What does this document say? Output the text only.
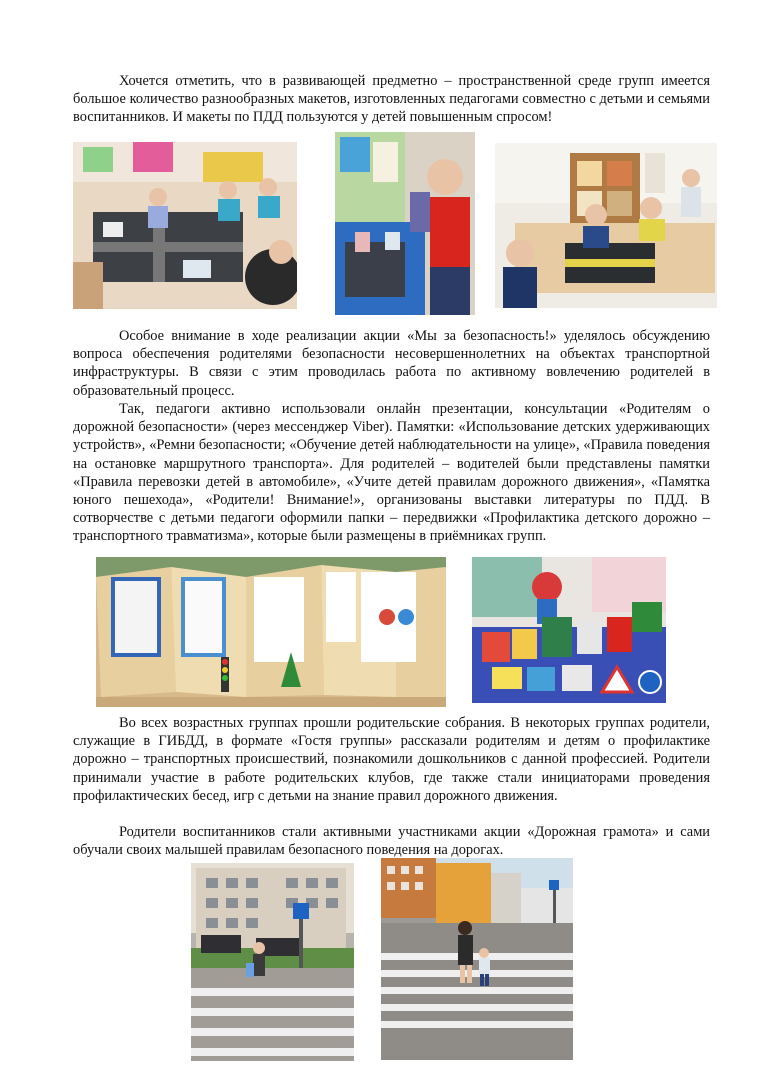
Хочется отметить, что в развивающей предметно – пространственной среде групп имеется большое количество разнообразных макетов, изготовленных педагогами совместно с детьми и семьями воспитанников. И макеты по ПДД пользуются у детей повышенным спросом!

Особое внимание в ходе реализации акции «Мы за безопасность!» уделялось обсуждению вопроса обеспечения родителями безопасности несовершеннолетних на объектах транспортной инфраструктуры. В связи с этим проводилась работа по активному вовлечению родителей в образовательный процесс.

Так, педагоги активно использовали онлайн презентации, консультации «Родителям о дорожной безопасности» (через мессенджер Viber). Памятки: «Использование детских удерживающих устройств», «Ремни безопасности; «Обучение детей наблюдательности на улице», «Правила поведения на остановке маршрутного транспорта». Для родителей – водителей были представлены памятки «Правила перевозки детей в автомобиле», «Учите детей правилам дорожного движения», «Памятка юного пешехода», «Родители! Внимание!», организованы выставки литературы по ПДД. В сотворчестве с детьми педагоги оформили папки – передвижки «Профилактика детского дорожно – транспортного травматизма», которые были размещены в приёмниках групп.

Во всех возрастных группах прошли родительские собрания. В некоторых группах родители, служащие в ГИБДД, в формате «Гостя группы» рассказали родителям и детям о профилактике дорожно – транспортных происшествий, познакомили дошкольников с данной профессией. Родители принимали участие в работе родительских клубов, где также стали инициаторами проведения профилактических бесед, игр с детьми на знание правил дорожного движения.

Родители воспитанников стали активными участниками акции «Дорожная грамота» и сами обучали своих малышей правилам безопасного поведения на дорогах.
